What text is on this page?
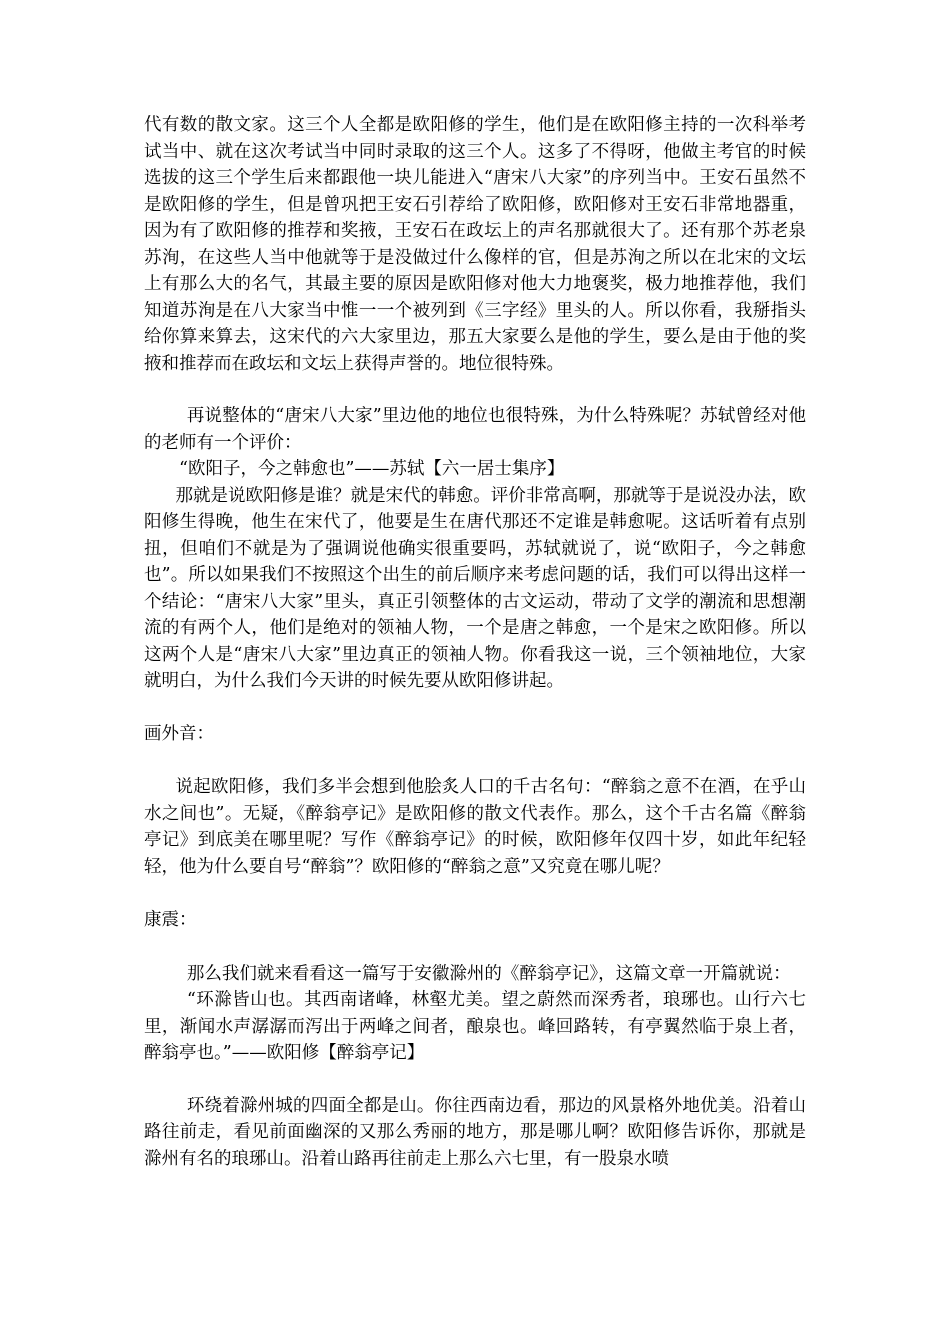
代有数的散文家。这三个人全都是欧阳修的学生，他们是在欧阳修主持的一次科举考试当中、就在这次考试当中同时录取的这三个人。这多了不得呀，他做主考官的时候选拔的这三个学生后来都跟他一块儿能进入“唐宋八大家”的序列当中。王安石虽然不是欧阳修的学生，但是曾巩把王安石引荐给了欧阳修，欧阳修对王安石非常地器重，因为有了欧阳修的推荐和奖掖，王安石在政坛上的声名那就很大了。还有那个苏老泉苏洵，在这些人当中他就等于是没做过什么像样的官，但是苏洵之所以在北宋的文坛上有那么大的名气，其最主要的原因是欧阳修对他大力地褒奖，极力地推荐他，我们知道苏洵是在八大家当中惟一一个被列到《三字经》里头的人。所以你看，我掰指头给你算来算去，这宋代的六大家里边，那五大家要么是他的学生，要么是由于他的奖掖和推荐而在政坛和文坛上获得声誉的。地位很特殊。

再说整体的“唐宋八大家”里边他的地位也很特殊，为什么特殊呢？苏轼曾经对他的老师有一个评价：

“欧阳子，今之韩愈也”——苏轼【六一居士集序】

那就是说欧阳修是谁？就是宋代的韩愈。评价非常高啊，那就等于是说没办法，欧阳修生得晚，他生在宋代了，他要是生在唐代那还不定谁是韩愈呢。这话听着有点别扭，但咱们不就是为了强调说他确实很重要吗，苏轼就说了，说“欧阳子，今之韩愈也”。所以如果我们不按照这个出生的前后顺序来考虑问题的话，我们可以得出这样一个结论：“唐宋八大家”里头，真正引领整体的古文运动，带动了文学的潮流和思想潮流的有两个人，他们是绝对的领袖人物，一个是唐之韩愈，一个是宋之欧阳修。所以这两个人是“唐宋八大家”里边真正的领袖人物。你看我这一说，三个领袖地位，大家就明白，为什么我们今天讲的时候先要从欧阳修讲起。

画外音：

说起欧阳修，我们多半会想到他脍炙人口的千古名句：“醉翁之意不在酒，在乎山水之间也”。无疑，《醉翁亭记》是欧阳修的散文代表作。那么，这个千古名篇《醉翁亭记》到底美在哪里呢？写作《醉翁亭记》的时候，欧阳修年仅四十岁，如此年纪轻轻，他为什么要自号“醉翁”？欧阳修的“醉翁之意”又究竟在哪儿呢？

康震：

那么我们就来看看这一篇写于安徽滁州的《醉翁亭记》，这篇文章一开篇就说：

“环滁皆山也。其西南诸峰，林壑尤美。望之蔚然而深秀者，琅琊也。山行六七里，渐闻水声潺潺而泻出于两峰之间者，酿泉也。峰回路转，有亭翼然临于泉上者，醉翁亭也。”——欧阳修【醉翁亭记】

环绕着滁州城的四面全都是山。你往西南边看，那边的风景格外地优美。沿着山路往前走，看见前面幽深的又那么秀丽的地方，那是哪儿啊？欧阳修告诉你，那就是滁州有名的琅琊山。沿着山路再往前走上那么六七里，有一股泉水喷
